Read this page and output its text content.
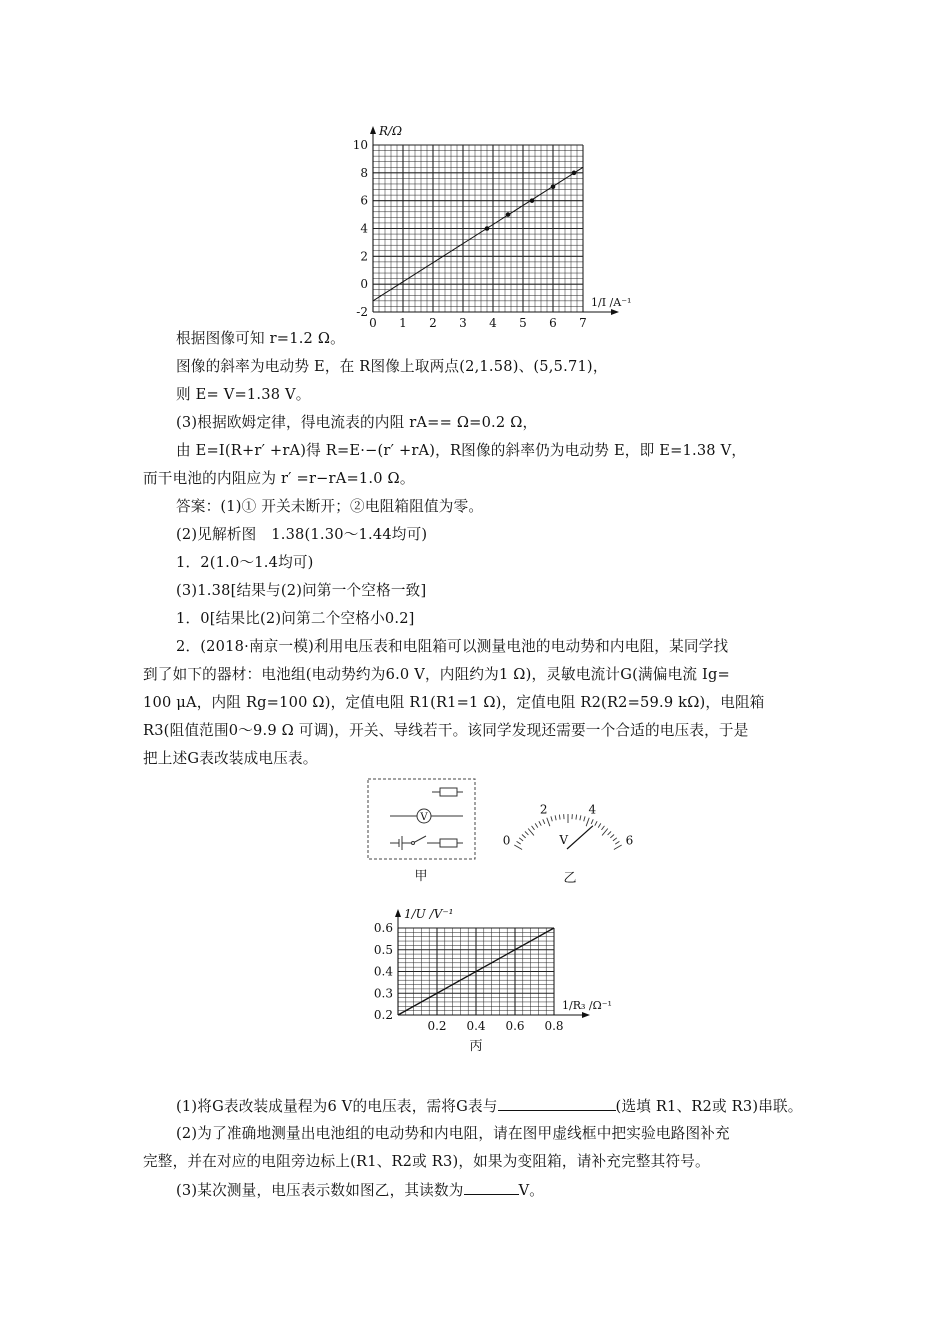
0 1 2 3 4 5 6 7
-2
0
2
4
6
8
10
R/Ω
1/I /A⁻¹
0.2 0.4 0.6 0.8
0.2
0.3
0.4
0.5
0.6
1/U /V⁻¹
1/R₃ /Ω⁻¹
丙
V
甲
0
2	4
6
V
乙
根据图像可知 r=1.2 Ω。
图像的斜率为电动势 E，在 R图像上取两点(2,1.58)、(5,5.71)，
则 E= V=1.38 V。
(3)根据欧姆定律，得电流表的内阻 rA== Ω=0.2 Ω，
由 E=I(R+r′ +rA)得 R=E·−(r′ +rA)，R图像的斜率仍为电动势 E，即 E=1.38 V，
而干电池的内阻应为 r′ =r−rA=1.0 Ω。
答案：(1)① 开关未断开；②电阻箱阻值为零。
(2)见解析图　1.38(1.30～1.44均可)
1．2(1.0～1.4均可)
(3)1.38[结果与(2)问第一个空格一致]
1．0[结果比(2)问第二个空格小0.2]
2．(2018·南京一模)利用电压表和电阻箱可以测量电池的电动势和内电阻，某同学找
到了如下的器材：电池组(电动势约为6.0 V，内阻约为1 Ω)，灵敏电流计G(满偏电流 Ig=
100 μA，内阻 Rg=100 Ω)，定值电阻 R1(R1=1 Ω)，定值电阻 R2(R2=59.9 kΩ)，电阻箱
R3(阻值范围0～9.9 Ω 可调)，开关、导线若干。该同学发现还需要一个合适的电压表，于是
把上述G表改装成电压表。
(1)将G表改装成量程为6 V的电压表，需将G表与	(选填 R1、R2或 R3)串联。
(2)为了准确地测量出电池组的电动势和内电阻，请在图甲虚线框中把实验电路图补充
完整，并在对应的电阻旁边标上(R1、R2或 R3)，如果为变阻箱，请补充完整其符号。
(3)某次测量，电压表示数如图乙，其读数为	V。
